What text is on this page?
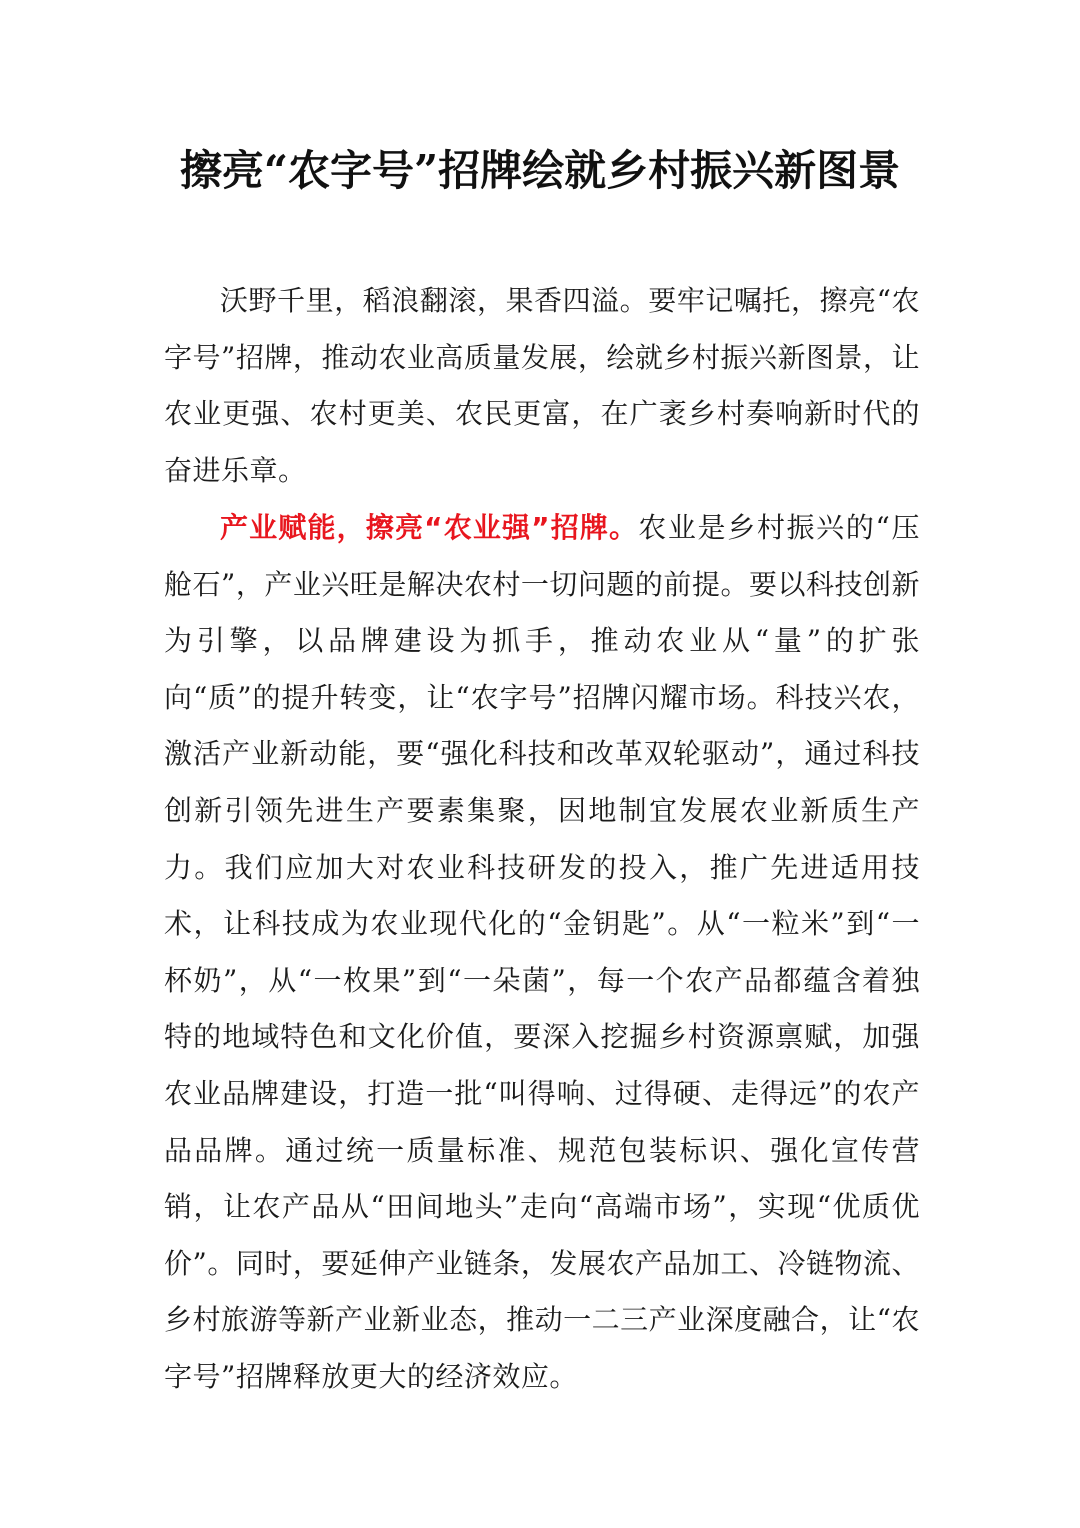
擦亮“农字号”招牌绘就乡村振兴新图景

沃野千里，稻浪翻滚，果香四溢。要牢记嘱托，擦亮“农字号”招牌，推动农业高质量发展，绘就乡村振兴新图景，让农业更强、农村更美、农民更富，在广袤乡村奏响新时代的奋进乐章。

产业赋能，擦亮“农业强”招牌。农业是乡村振兴的“压舱石”，产业兴旺是解决农村一切问题的前提。要以科技创新为引擎，以品牌建设为抓手，推动农业从“量”的扩张向“质”的提升转变，让“农字号”招牌闪耀市场。科技兴农，激活产业新动能，要“强化科技和改革双轮驱动”，通过科技创新引领先进生产要素集聚，因地制宜发展农业新质生产力。我们应加大对农业科技研发的投入，推广先进适用技术，让科技成为农业现代化的“金钥匙”。从“一粒米”到“一杯奶”，从“一枚果”到“一朵菌”，每一个农产品都蕴含着独特的地域特色和文化价值，要深入挖掘乡村资源禀赋，加强农业品牌建设，打造一批“叫得响、过得硬、走得远”的农产品品牌。通过统一质量标准、规范包装标识、强化宣传营销，让农产品从“田间地头”走向“高端市场”，实现“优质优价”。同时，要延伸产业链条，发展农产品加工、冷链物流、乡村旅游等新产业新业态，推动一二三产业深度融合，让“农字号”招牌释放更大的经济效应。
